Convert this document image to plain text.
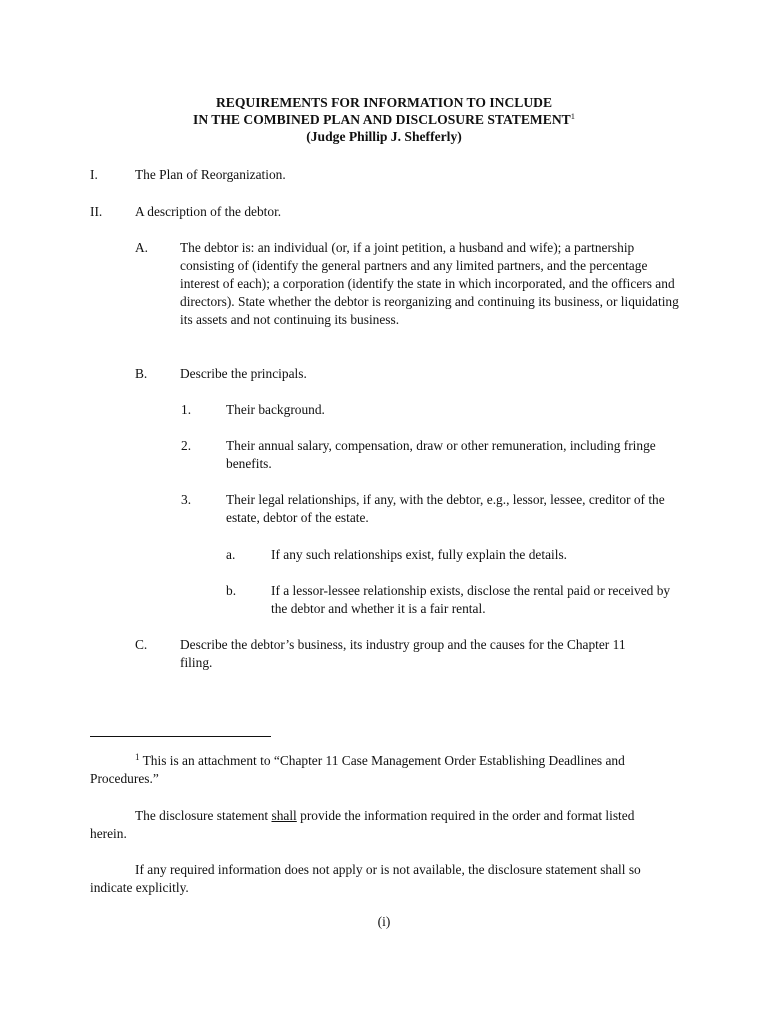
REQUIREMENTS FOR INFORMATION TO INCLUDE
IN THE COMBINED PLAN AND DISCLOSURE STATEMENT$^1$
(Judge Phillip J. Shefferly)
I.	The Plan of Reorganization.
II. A description of the debtor.
A. The debtor is: an individual (or, if a joint petition, a husband and wife); a partnership consisting of (identify the general partners and any limited partners, and the percentage interest of each); a corporation (identify the state in which incorporated, and the officers and directors). State whether the debtor is reorganizing and continuing its business, or liquidating its assets and not continuing its business.
B. Describe the principals.
1.	Their background.
2.	Their annual salary, compensation, draw or other remuneration, including fringe benefits.
3.	Their legal relationships, if any, with the debtor, e.g., lessor, lessee, creditor of the estate, debtor of the estate.
a.	If any such relationships exist, fully explain the details.
b.	If a lessor-lessee relationship exists, disclose the rental paid or received by the debtor and whether it is a fair rental.
C. Describe the debtor’s business, its industry group and the causes for the Chapter 11 filing.
$^1$ This is an attachment to “Chapter 11 Case Management Order Establishing Deadlines and Procedures.”
The disclosure statement shall provide the information required in the order and format listed herein.
If any required information does not apply or is not available, the disclosure statement shall so indicate explicitly.
(i)
